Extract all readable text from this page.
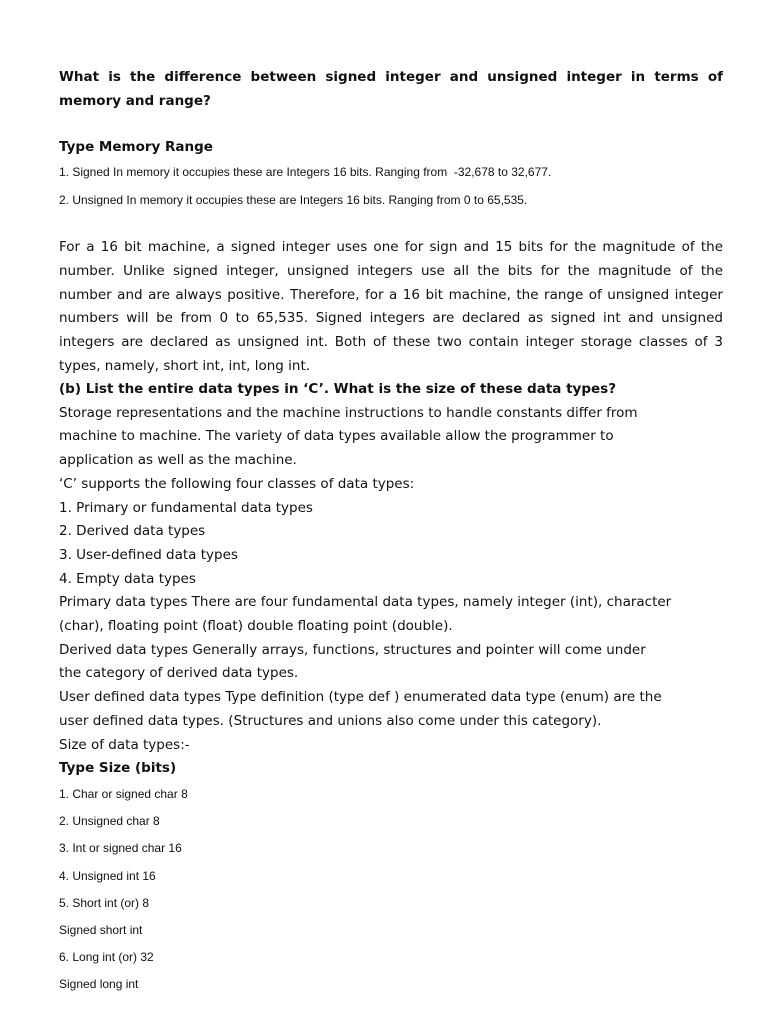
What is the difference between signed integer and unsigned integer in terms of memory and range?

Type Memory Range

1. Signed In memory it occupies these are Integers 16 bits. Ranging from  -32,678 to 32,677.

2. Unsigned In memory it occupies these are Integers 16 bits. Ranging from 0 to 65,535.

For a 16 bit machine, a signed integer uses one for sign and 15 bits for the magnitude of the number. Unlike signed integer, unsigned integers use all the bits for the magnitude of the number and are always positive. Therefore, for a 16 bit machine, the range of unsigned integer numbers will be from 0 to 65,535. Signed integers are declared as signed int and unsigned integers are declared as unsigned int. Both of these two contain integer storage classes of 3 types, namely, short int, int, long int.

(b) List the entire data types in ‘C’. What is the size of these data types?
Storage representations and the machine instructions to handle constants differ from
machine to machine. The variety of data types available allow the programmer to
application as well as the machine.
‘C’ supports the following four classes of data types:
1. Primary or fundamental data types
2. Derived data types
3. User-defined data types
4. Empty data types
Primary data types There are four fundamental data types, namely integer (int), character
(char), floating point (float) double floating point (double).
Derived data types Generally arrays, functions, structures and pointer will come under
the category of derived data types.
User defined data types Type definition (type def ) enumerated data type (enum) are the
user defined data types. (Structures and unions also come under this category).
Size of data types:-
Type Size (bits)
1. Char or signed char 8
2. Unsigned char 8
3. Int or signed char 16
4. Unsigned int 16
5. Short int (or) 8
Signed short int
6. Long int (or) 32
Signed long int
